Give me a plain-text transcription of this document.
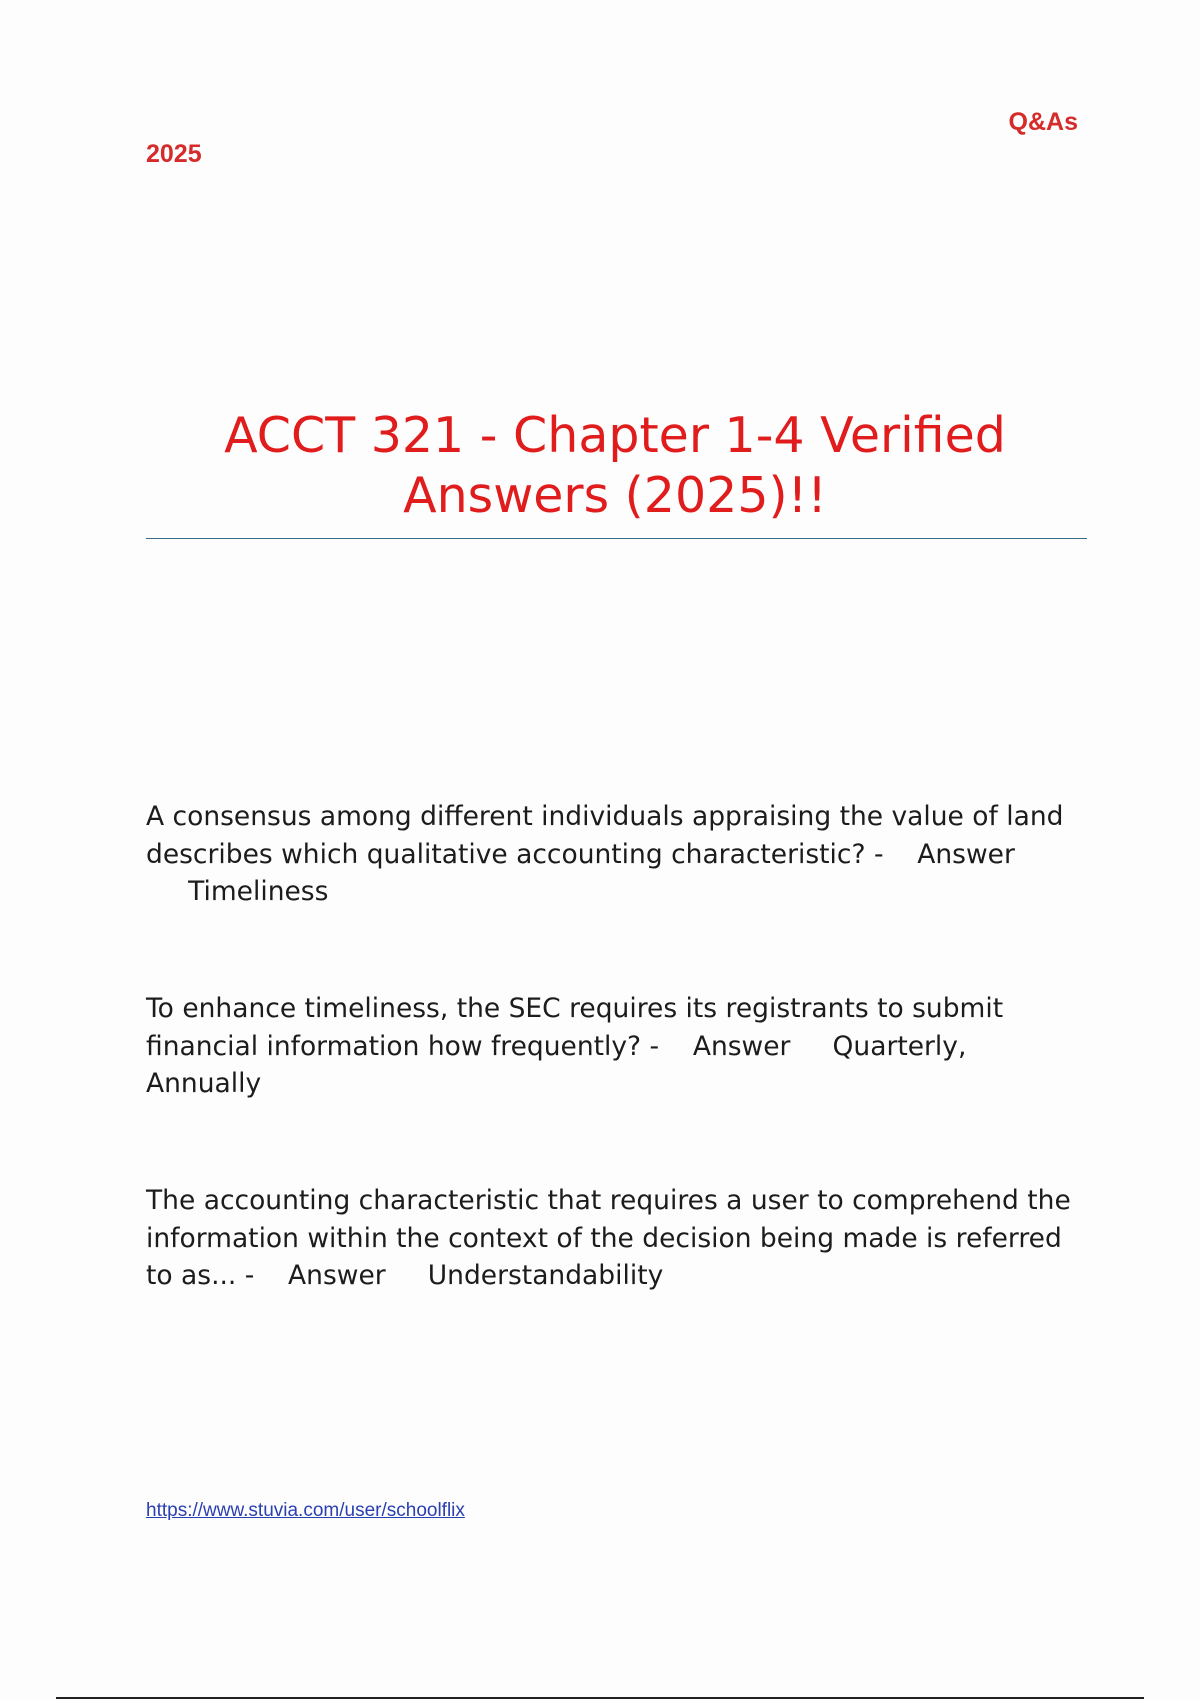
2025
Q&As
ACCT 321 - Chapter 1-4 Verified Answers (2025)!!

A consensus among different individuals appraising the value of land describes which qualitative accounting characteristic? - Answer     Timeliness

To enhance timeliness, the SEC requires its registrants to submit financial information how frequently? - Answer Quarterly, Annually

The accounting characteristic that requires a user to comprehend the information within the context of the decision being made is referred to as... - Answer Understandability

https://www.stuvia.com/user/schoolflix
